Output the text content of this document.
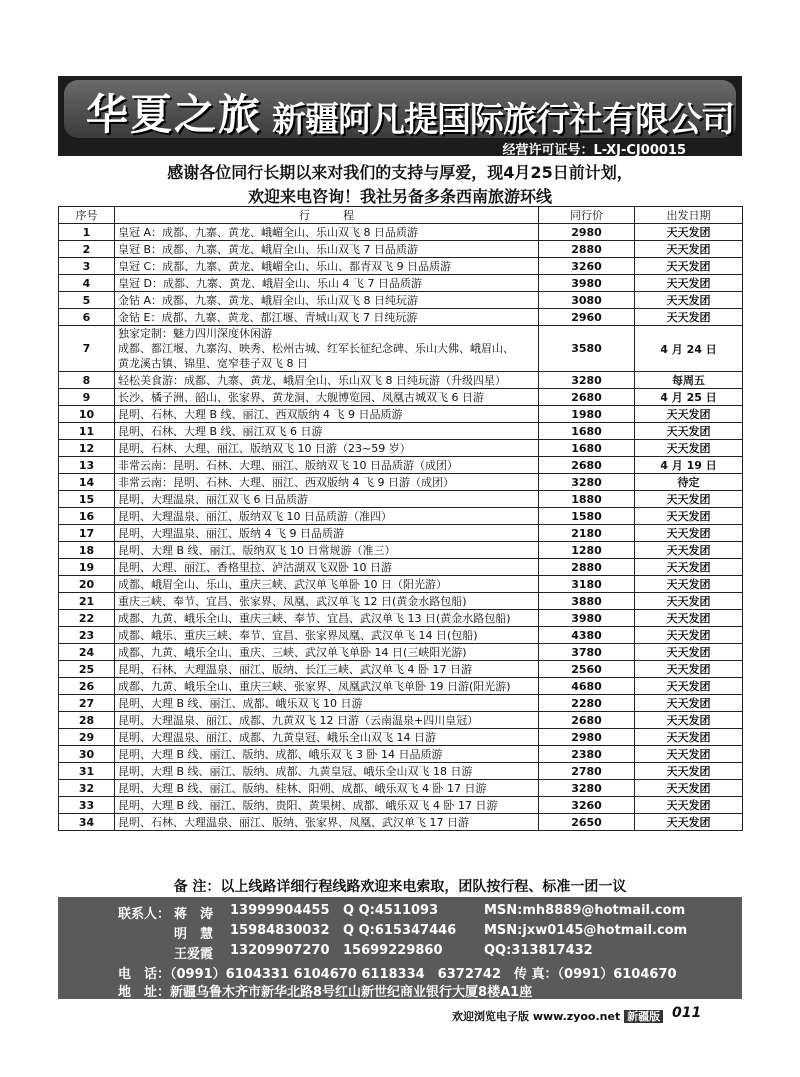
华夏之旅 新疆阿凡提国际旅行社有限公司
经营许可证号：L-XJ-CJ00015
感谢各位同行长期以来对我们的支持与厚爱，现4月25日前计划，
欢迎来电咨询！我社另备多条西南旅游环线
序号	行　　　程	同行价	出发日期
1	皇冠 A：成都、九寨、黄龙、峨嵋全山、乐山双飞 8 日品质游	2980	天天发团
2	皇冠 B：成都、九寨、黄龙、峨眉全山、乐山双飞 7 日品质游	2880	天天发团
3	皇冠 C：成都、九寨、黄龙、峨嵋全山、乐山、都青双飞 9 日品质游	3260	天天发团
4	皇冠 D：成都、九寨、黄龙、峨眉全山、乐山 4 飞 7 日品质游	3980	天天发团
5	金钻 A：成都、九寨、黄龙、峨眉全山、乐山双飞 8 日纯玩游	3080	天天发团
6	金钻 E：成都、九寨、黄龙、都江堰、青城山双飞 7 日纯玩游	2960	天天发团
7	独家定制：魅力四川深度休闲游
成都、都江堰、九寨沟、映秀、松州古城、红军长征纪念碑、乐山大佛、峨眉山、
黄龙溪古镇、锦里、宽窄巷子双飞 8 日	3580	4 月 24 日
8	轻松美食游：成都、九寨、黄龙、峨眉全山、乐山双飞 8 日纯玩游（升级四星）	3280	每周五
9	长沙、橘子洲、韶山、张家界、黄龙洞、大舰博览园、凤凰古城双飞 6 日游	2680	4 月 25 日
10	昆明、石林、大理 B 线、丽江、西双版纳 4 飞 9 日品质游	1980	天天发团
11	昆明、石林、大理 B 线、丽江双飞 6 日游	1680	天天发团
12	昆明、石林、大理、丽江、版纳双飞 10 日游（23~59 岁）	1680	天天发团
13	非常云南：昆明、石林、大理、丽江、版纳双飞 10 日品质游（成团）	2680	4 月 19 日
14	非常云南：昆明、石林、大理、丽江、西双版纳 4 飞 9 日游（成团）	3280	待定
15	昆明、大理温泉、丽江双飞 6 日品质游	1880	天天发团
16	昆明、大理温泉、丽江、版纳双飞 10 日品质游（准四）	1580	天天发团
17	昆明、大理温泉、丽江、版纳 4 飞 9 日品质游	2180	天天发团
18	昆明、大理 B 线、丽江、版纳双飞 10 日常规游（准三）	1280	天天发团
19	昆明、大理、丽江、香格里拉、泸沽湖双飞双卧 10 日游	2880	天天发团
20	成都、峨眉全山、乐山、重庆三峡、武汉单飞单卧 10 日（阳光游）	3180	天天发团
21	重庆三峡、奉节、宜昌、张家界、凤凰、武汉单飞 12 日(黄金水路包船)	3880	天天发团
22	成都、九黄、峨乐全山、重庆三峡、奉节、宜昌、武汉单飞 13 日(黄金水路包船)	3980	天天发团
23	成都、峨乐、重庆三峡、奉节、宜昌、张家界凤凰、武汉单飞 14 日(包船)	4380	天天发团
24	成都、九黄、峨乐全山、重庆、三峡、武汉单飞单卧 14 日(三峡阳光游)	3780	天天发团
25	昆明、石林、大理温泉、丽江、版纳、长江三峡、武汉单飞 4 卧 17 日游	2560	天天发团
26	成都、九黄、峨乐全山、重庆三峡、张家界、凤凰武汉单飞单卧 19 日游(阳光游)	4680	天天发团
27	昆明、大理 B 线、丽江、成都、峨乐双飞 10 日游	2280	天天发团
28	昆明、大理温泉、丽江、成都、九黄双飞 12 日游（云南温泉+四川皇冠）	2680	天天发团
29	昆明、大理温泉、丽江、成都、九黄皇冠、峨乐全山双飞 14 日游	2980	天天发团
30	昆明、大理 B 线、丽江、版纳、成都、峨乐双飞 3 卧 14 日品质游	2380	天天发团
31	昆明、大理 B 线、丽江、版纳、成都、九黄皇冠、峨乐全山双飞 18 日游	2780	天天发团
32	昆明、大理 B 线、丽江、版纳、桂林、阳朔、成都、峨乐双飞 4 卧 17 日游	3280	天天发团
33	昆明、大理 B 线、丽江、版纳、贵阳、黄果树、成都、峨乐双飞 4 卧 17 日游	3260	天天发团
34	昆明、石林、大理温泉、丽江、版纳、张家界、凤凰、武汉单飞 17 日游	2650	天天发团
备 注：以上线路详细行程线路欢迎来电索取，团队按行程、标准一团一议
联系人： 蒋　涛 13999904455 Q Q:4511093	MSN:mh8889@hotmail.com
明　慧 15984830032 Q Q:615347446 MSN:jxw0145@hotmail.com
王爱霞 13209907270 15699229860	QQ:313817432
电　话：（0991）6104331 6104670 6118334　6372742　传 真：（0991）6104670
地　址：新疆乌鲁木齐市新华北路8号红山新世纪商业银行大厦8楼A1座
欢迎浏览电子版 www.zyoo.net 新疆版 011
